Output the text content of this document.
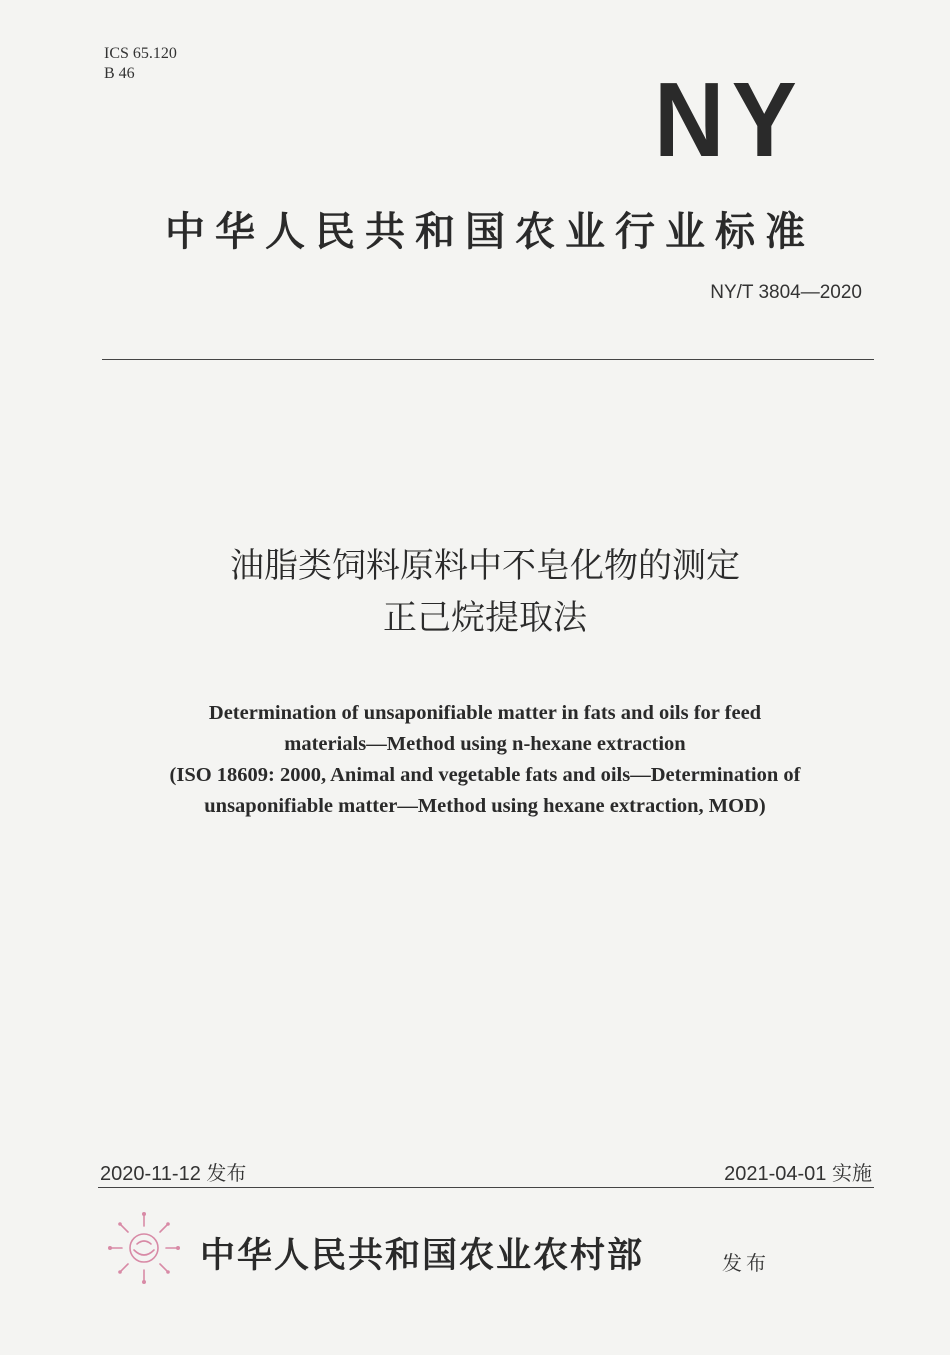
ICS 65.120
B 46	NY
中华人民共和国农业行业标准
NY/T 3804—2020
油脂类饲料原料中不皂化物的测定
正己烷提取法
Determination of unsaponifiable matter in fats and oils for feed
materials—Method using n-hexane extraction
(ISO 18609: 2000, Animal and vegetable fats and oils—Determination of
unsaponifiable matter—Method using hexane extraction, MOD)
2020-11-12 发布	2021-04-01 实施
中华人民共和国农业农村部	发布
